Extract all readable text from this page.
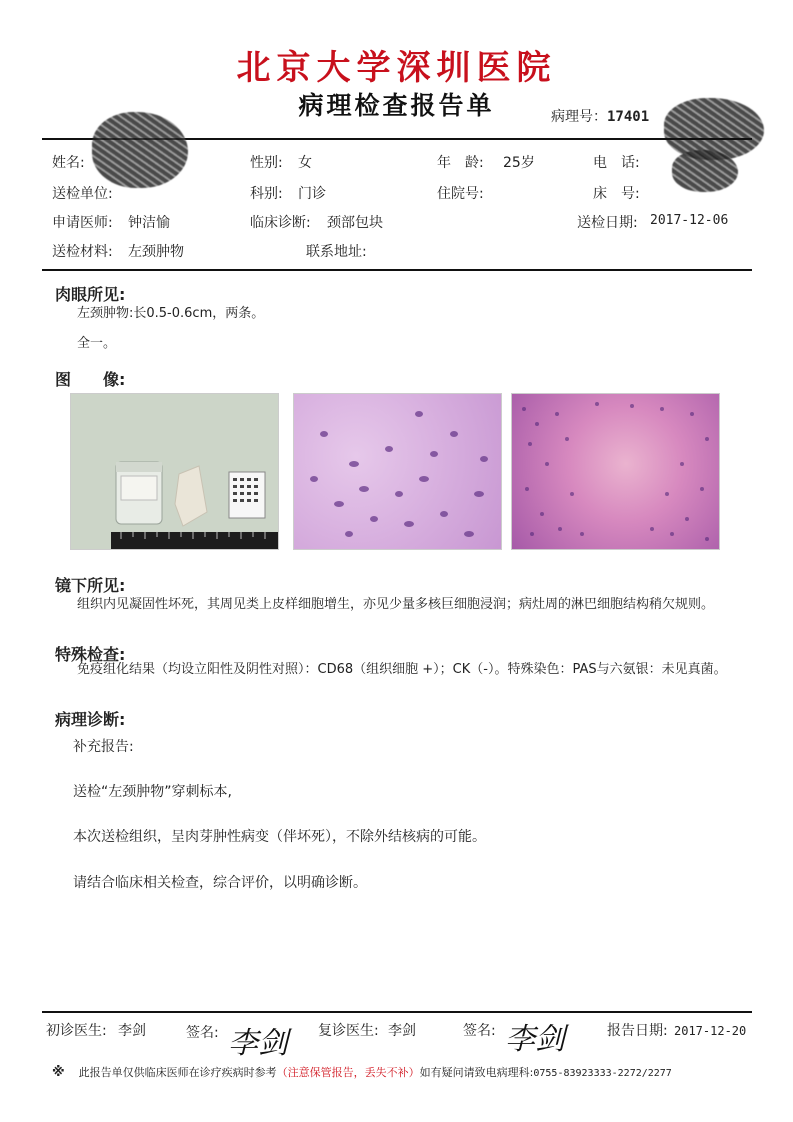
北京大学深圳医院
病理检查报告单	病理号：17401
姓名:	性别: 女	年　龄: 25岁	电　话:
送检单位:	科别: 门诊	住院号:	床　号:
申请医师: 钟洁愉	临床诊断: 颈部包块	送检日期: 2017-12-06
送检材料: 左颈肿物	联系地址:
肉眼所见:
左颈肿物:长0.5-0.6cm，两条。
全一。
图　　像:
镜下所见:
组织内见凝固性坏死，其周见类上皮样细胞增生，亦见少量多核巨细胞浸润；病灶周的淋巴细胞结构稍欠规则。
特殊检查:
免疫组化结果（均设立阳性及阴性对照）：CD68（组织细胞 +）；CK（-）。特殊染色：PAS与六氨银：未见真菌。
病理诊断:
补充报告:
送检“左颈肿物”穿刺标本,
本次送检组织，呈肉芽肿性病变（伴坏死），不除外结核病的可能。
请结合临床相关检查，综合评价，以明确诊断。
初诊医生: 李剑	签名: 李剑 复诊医生: 李剑	签名: 李剑	报告日期: 2017-12-20
※ 此报告单仅供临床医师在诊疗疾病时参考（注意保管报告，丢失不补）如有疑问请致电病理科:0755-83923333-2272/2277
